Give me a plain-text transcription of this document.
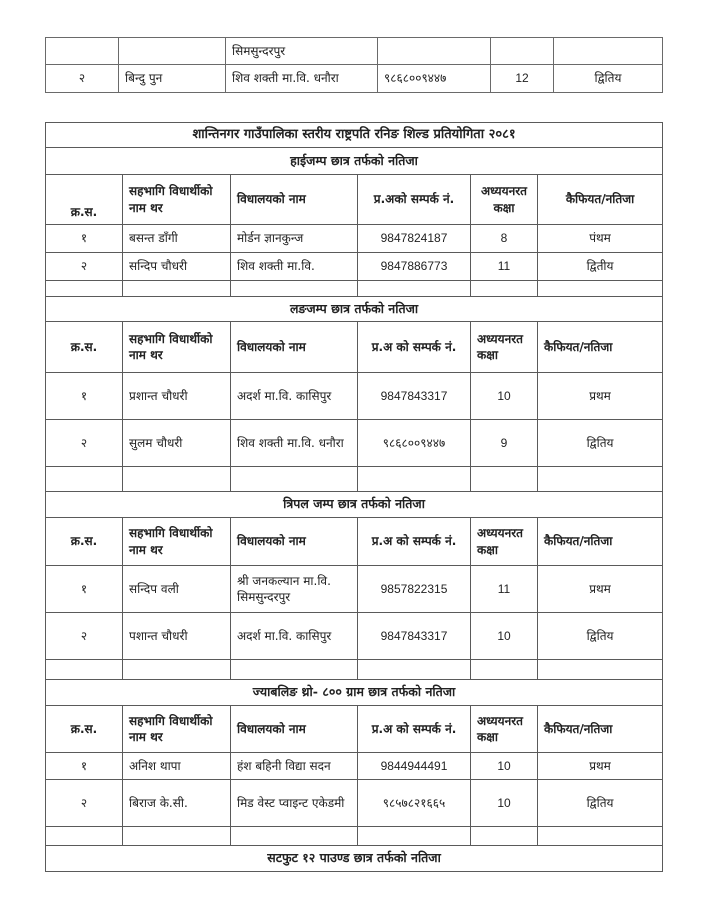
		सिमसुन्दरपुर			
२	बिन्दु पुन	शिव शक्ती मा.वि. धनौरा	९८६८००९४४७	12	द्वितिय
शान्तिनगर गाउँपालिका स्तरीय राष्ट्रपति रनिङ शिल्ड प्रतियोगिता २०८१					
हाईजम्प छात्र तर्फको नतिजा					
क्र.स.	सहभागि विधार्थीको नाम थर	विधालयको नाम	प्र.अको सम्पर्क नं.	अध्ययनरत कक्षा	कैफियत/नतिजा
१	बसन्त डाँगी	मोर्डन ज्ञानकुन्ज	9847824187	8	पंथम
२	सन्दिप चौधरी	शिव शक्ती मा.वि.	9847886773	11	द्वितीय

लङजम्प छात्र तर्फको नतिजा					
क्र.स.	सहभागि विधार्थीको नाम थर	विधालयको नाम	प्र.अ को सम्पर्क नं.	अध्ययनरत कक्षा	कैफियत/नतिजा
१	प्रशान्त चौधरी	अदर्श मा.वि. कासिपुर	9847843317	10	प्रथम
२	सुलम चौधरी	शिव शक्ती मा.वि. धनौरा	९८६८००९४४७	9	द्वितिय

त्रिपल जम्प छात्र तर्फको नतिजा					
क्र.स.	सहभागि विधार्थीको नाम थर	विधालयको नाम	प्र.अ को सम्पर्क नं.	अध्ययनरत कक्षा	कैफियत/नतिजा
१	सन्दिप वली	श्री जनकल्यान मा.वि. सिमसुन्दरपुर	9857822315	11	प्रथम
२	पशान्त चौधरी	अदर्श मा.वि. कासिपुर	9847843317	10	द्वितिय

ज्याबलिङ थ्रो- ८०० ग्राम छात्र तर्फको नतिजा					
क्र.स.	सहभागि विधार्थीको नाम थर	विधालयको नाम	प्र.अ को सम्पर्क नं.	अध्ययनरत कक्षा	कैफियत/नतिजा
१	अनिश थापा	हंश बहिनी विद्या सदन	9844944491	10	प्रथम
२	बिराज के.सी.	मिड वेस्ट प्वाइन्ट एकेडमी	९८५७८२१६६५	10	द्वितिय

सटफुट १२ पाउण्ड छात्र तर्फको नतिजा					
